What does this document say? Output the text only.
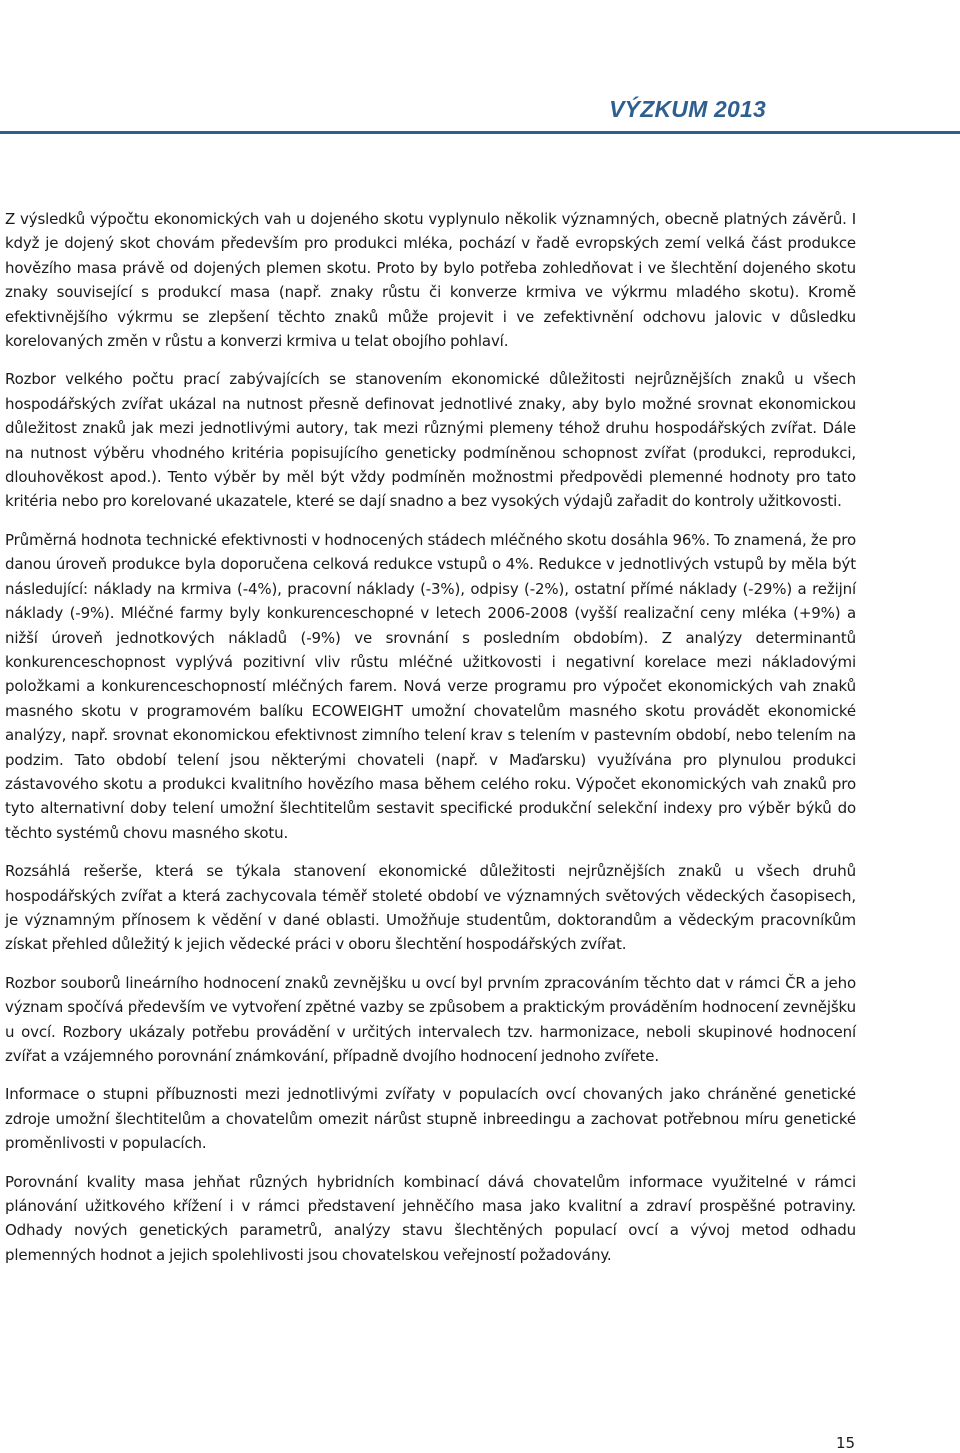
VÝZKUM 2013

Z výsledků výpočtu ekonomických vah u dojeného skotu vyplynulo několik významných, obecně platných závěrů. I když je dojený skot chovám především pro produkci mléka, pochází v řadě evropských zemí velká část produkce hovězího masa právě od dojených plemen skotu. Proto by bylo potřeba zohledňovat i ve šlechtění dojeného skotu znaky související s produkcí masa (např. znaky růstu či konverze krmiva ve výkrmu mladého skotu). Kromě efektivnějšího výkrmu se zlepšení těchto znaků může projevit i ve zefektivnění odchovu jalovic v důsledku korelovaných změn v růstu a konverzi krmiva u telat obojího pohlaví.

Rozbor velkého počtu prací zabývajících se stanovením ekonomické důležitosti nejrůznějších znaků u všech hospodářských zvířat ukázal na nutnost přesně definovat jednotlivé znaky, aby bylo možné srovnat ekonomickou důležitost znaků jak mezi jednotlivými autory, tak mezi různými plemeny téhož druhu hospodářských zvířat. Dále na nutnost výběru vhodného kritéria popisujícího geneticky podmíněnou schopnost zvířat (produkci, reprodukci, dlouhověkost apod.). Tento výběr by měl být vždy podmíněn možnostmi předpovědi plemenné hodnoty pro tato kritéria nebo pro korelované ukazatele, které se dají snadno a bez vysokých výdajů zařadit do kontroly užitkovosti.

Průměrná hodnota technické efektivnosti v hodnocených stádech mléčného skotu dosáhla 96%. To znamená, že pro danou úroveň produkce byla doporučena celková redukce vstupů o 4%. Redukce v jednotlivých vstupů by měla být následující: náklady na krmiva (-4%), pracovní náklady (-3%), odpisy (-2%), ostatní přímé náklady (-29%) a režijní náklady (-9%). Mléčné farmy byly konkurenceschopné v letech 2006-2008 (vyšší realizační ceny mléka (+9%) a nižší úroveň jednotkových nákladů (-9%) ve srovnání s posledním obdobím). Z analýzy determinantů konkurenceschopnost vyplývá pozitivní vliv růstu mléčné užitkovosti i negativní korelace mezi nákladovými položkami a konkurenceschopností mléčných farem. Nová verze programu pro výpočet ekonomických vah znaků masného skotu v programovém balíku ECOWEIGHT umožní chovatelům masného skotu provádět ekonomické analýzy, např. srovnat ekonomickou efektivnost zimního telení krav s telením v pastevním období, nebo telením na podzim. Tato období telení jsou některými chovateli (např. v Maďarsku) využívána pro plynulou produkci zástavového skotu a produkci kvalitního hovězího masa během celého roku. Výpočet ekonomických vah znaků pro tyto alternativní doby telení umožní šlechtitelům sestavit specifické produkční selekční indexy pro výběr býků do těchto systémů chovu masného skotu.

Rozsáhlá rešerše, která se týkala stanovení ekonomické důležitosti nejrůznějších znaků u všech druhů hospodářských zvířat a která zachycovala téměř stoleté období ve významných světových vědeckých časopisech, je významným přínosem k vědění v dané oblasti. Umožňuje studentům, doktorandům a vědeckým pracovníkům získat přehled důležitý k jejich vědecké práci v oboru šlechtění hospodářských zvířat.

Rozbor souborů lineárního hodnocení znaků zevnějšku u ovcí byl prvním zpracováním těchto dat v rámci ČR a jeho význam spočívá především ve vytvoření zpětné vazby se způsobem a praktickým prováděním hodnocení zevnějšku u ovcí. Rozbory ukázaly potřebu provádění v určitých intervalech tzv. harmonizace, neboli skupinové hodnocení zvířat a vzájemného porovnání známkování, případně dvojího hodnocení jednoho zvířete.

Informace o stupni příbuznosti mezi jednotlivými zvířaty v populacích ovcí chovaných jako chráněné genetické zdroje umožní šlechtitelům a chovatelům omezit nárůst stupně inbreedingu a zachovat potřebnou míru genetické proměnlivosti v populacích.

Porovnání kvality masa jehňat různých hybridních kombinací dává chovatelům informace využitelné v rámci plánování užitkového křížení i v rámci představení jehněčího masa jako kvalitní a zdraví prospěšné potraviny. Odhady nových genetických parametrů, analýzy stavu šlechtěných populací ovcí a vývoj metod odhadu plemenných hodnot a jejich spolehlivosti jsou chovatelskou veřejností požadovány.

15
